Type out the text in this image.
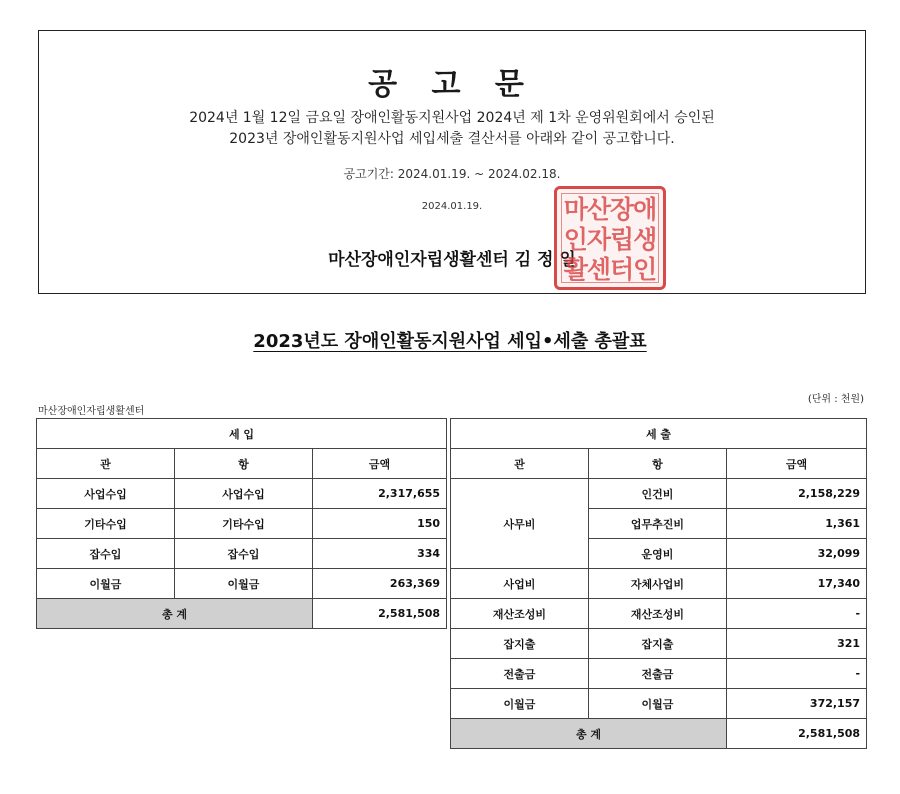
공 고 문
2024년 1월 12일 금요일 장애인활동지원사업 2024년 제 1차 운영위원회에서 승인된
2023년 장애인활동지원사업 세입세출 결산서를 아래와 같이 공고합니다.
공고기간: 2024.01.19. ~ 2024.02.18.
2024.01.19.
마산장애인자립생활센터 김 정 일
마산장애
인자립생
활센터인
2023년도 장애인활동지원사업 세입•세출 총괄표
(단위 : 천원)
마산장애인자립생활센터
세 입		
관	항	금액
사업수입	사업수입	2,317,655
기타수입	기타수입	150
잡수입	잡수입	334
이월금	이월금	263,369
총 계		2,581,508
세 출		
관	항	금액
사무비	인건비	2,158,229
	업무추진비	1,361
	운영비	32,099
사업비	자체사업비	17,340
재산조성비	재산조성비	-
잡지출	잡지출	321
전출금	전출금	-
이월금	이월금	372,157
총 계		2,581,508
